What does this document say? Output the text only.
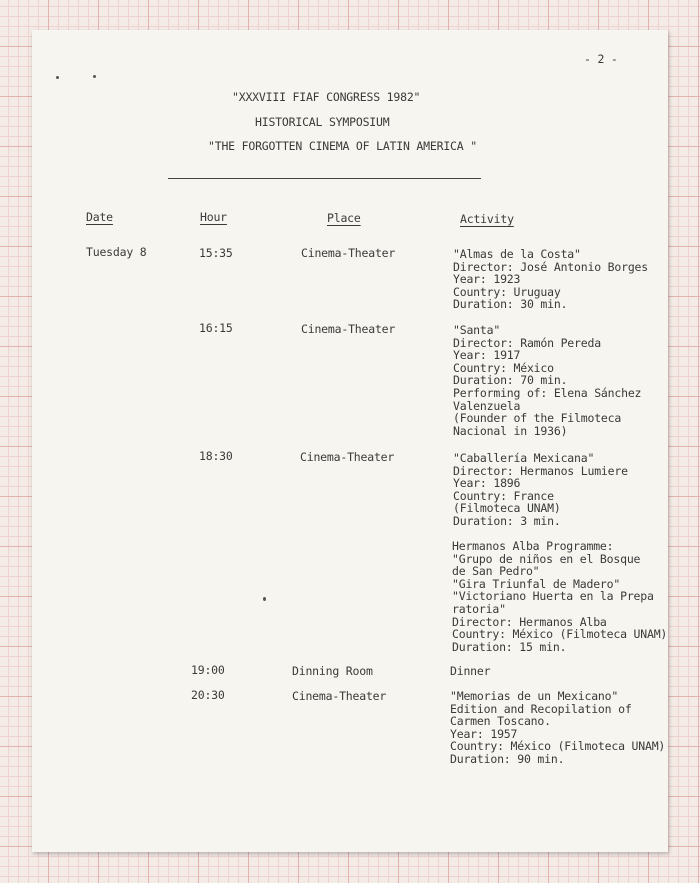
- 2 -
"XXXVIII FIAF CONGRESS 1982"
HISTORICAL SYMPOSIUM
"THE FORGOTTEN CINEMA OF LATIN AMERICA "
Date	Hour	Place	Activity
Tuesday 8	15:35	Cinema-Theater	"Almas de la Costa"
Director: José Antonio Borges
Year: 1923
Country: Uruguay
Duration: 30 min.
16:15	Cinema-Theater	"Santa"
Director: Ramón Pereda
Year: 1917
Country: México
Duration: 70 min.
Performing of: Elena Sánchez
Valenzuela
(Founder of the Filmoteca
Nacional in 1936)
18:30	Cinema-Theater	"Caballería Mexicana"
Director: Hermanos Lumiere
Year: 1896
Country: France
(Filmoteca UNAM)
Duration: 3 min.
Hermanos Alba Programme:
"Grupo de niños en el Bosque
de San Pedro"
"Gira Triunfal de Madero"
"Victoriano Huerta en la Prepa
ratoria"
Director: Hermanos Alba
Country: México (Filmoteca UNAM)
Duration: 15 min.
19:00	Dinning Room	Dinner
20:30	Cinema-Theater	"Memorias de un Mexicano"
Edition and Recopilation of
Carmen Toscano.
Year: 1957
Country: México (Filmoteca UNAM)
Duration: 90 min.
